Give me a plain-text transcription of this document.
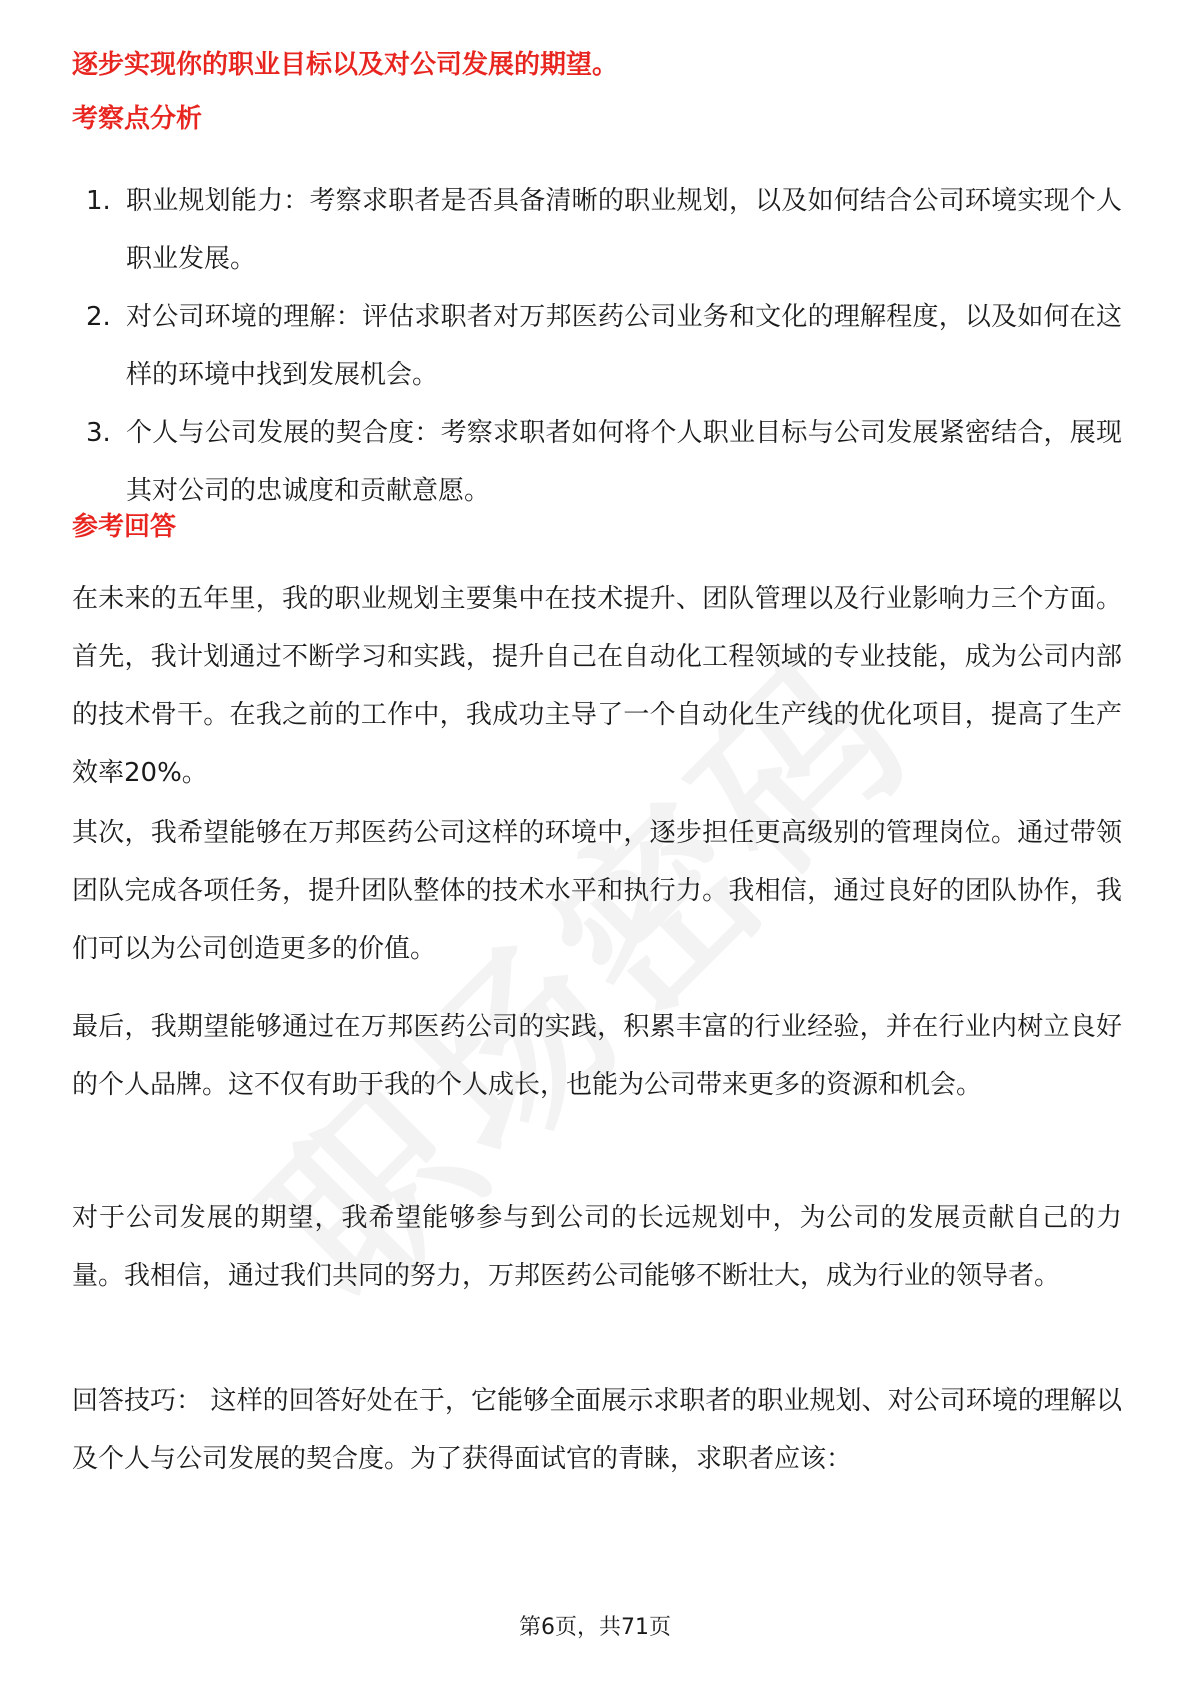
逐步实现你的职业目标以及对公司发展的期望。

考察点分析
1. 职业规划能力：考察求职者是否具备清晰的职业规划，以及如何结合公司环境实现个人职业发展。
2. 对公司环境的理解：评估求职者对万邦医药公司业务和文化的理解程度，以及如何在这样的环境中找到发展机会。
3. 个人与公司发展的契合度：考察求职者如何将个人职业目标与公司发展紧密结合，展现其对公司的忠诚度和贡献意愿。
参考回答

在未来的五年里，我的职业规划主要集中在技术提升、团队管理以及行业影响力三个方面。首先，我计划通过不断学习和实践，提升自己在自动化工程领域的专业技能，成为公司内部的技术骨干。在我之前的工作中，我成功主导了一个自动化生产线的优化项目，提高了生产效率20%。

其次，我希望能够在万邦医药公司这样的环境中，逐步担任更高级别的管理岗位。通过带领团队完成各项任务，提升团队整体的技术水平和执行力。我相信，通过良好的团队协作，我们可以为公司创造更多的价值。

最后，我期望能够通过在万邦医药公司的实践，积累丰富的行业经验，并在行业内树立良好的个人品牌。这不仅有助于我的个人成长，也能为公司带来更多的资源和机会。

对于公司发展的期望，我希望能够参与到公司的长远规划中，为公司的发展贡献自己的力量。我相信，通过我们共同的努力，万邦医药公司能够不断壮大，成为行业的领导者。

回答技巧： 这样的回答好处在于，它能够全面展示求职者的职业规划、对公司环境的理解以及个人与公司发展的契合度。为了获得面试官的青睐，求职者应该：

第6页，共71页
